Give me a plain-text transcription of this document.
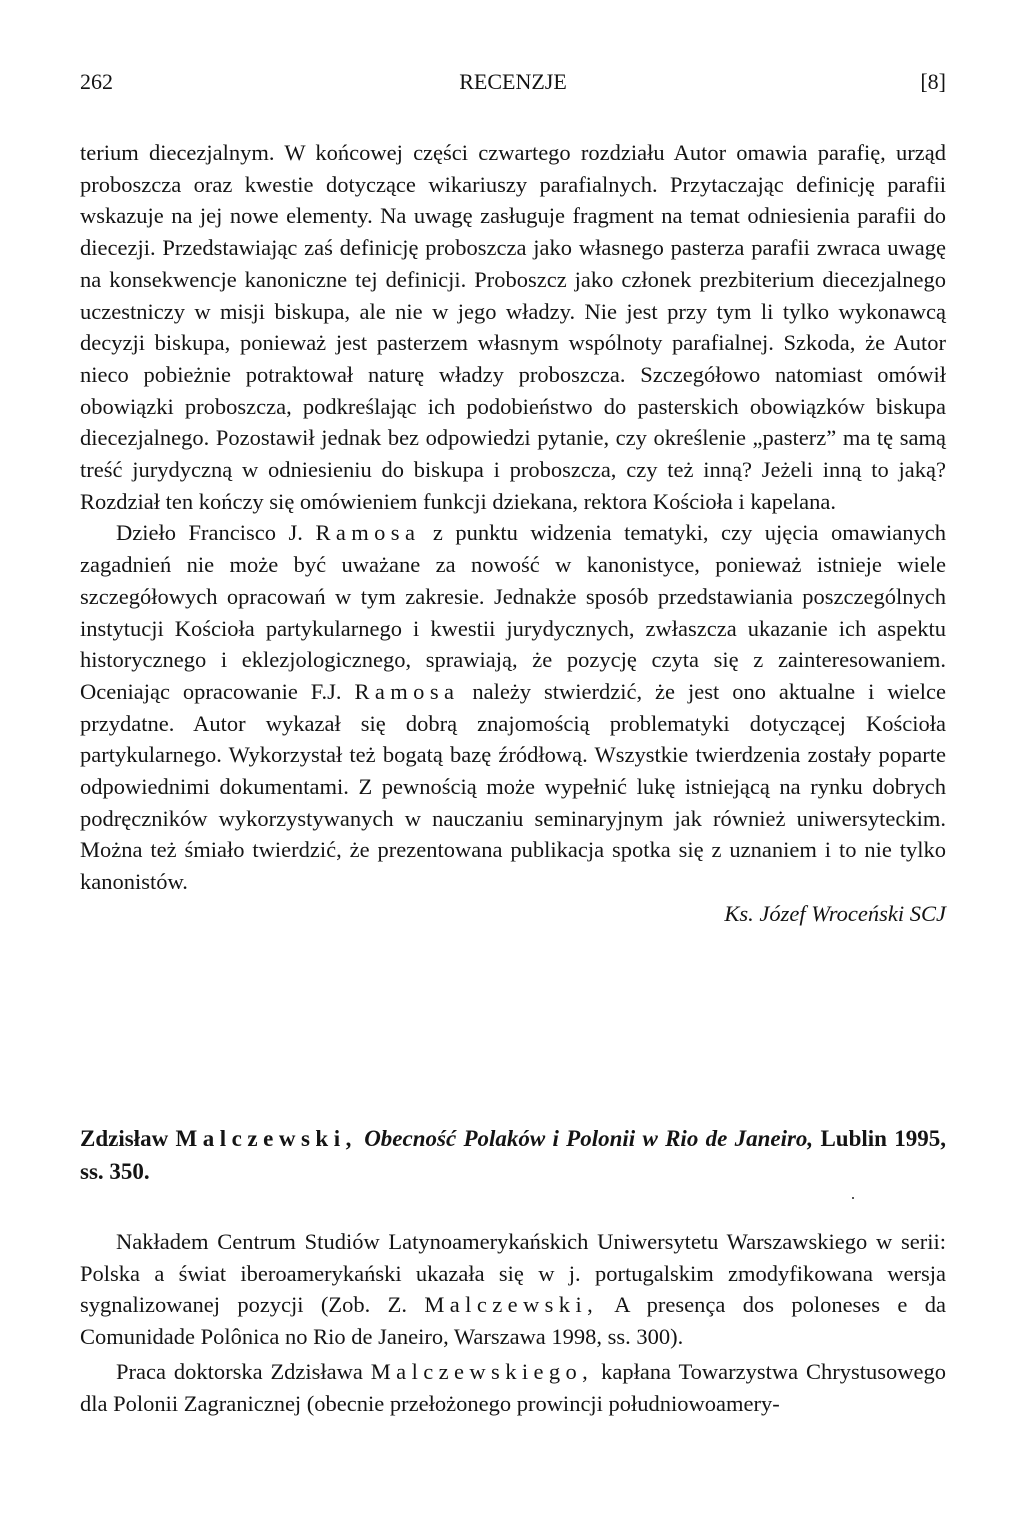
262	RECENZJE	[8]

terium diecezjalnym. W końcowej części czwartego rozdziału Autor omawia parafię, urząd proboszcza oraz kwestie dotyczące wikariuszy parafialnych. Przytaczając definicję parafii wskazuje na jej nowe elementy. Na uwagę zasługuje fragment na temat odniesienia parafii do diecezji. Przedstawiając zaś definicję proboszcza jako własnego pasterza parafii zwraca uwagę na konsekwencje kanoniczne tej definicji. Proboszcz jako członek prezbiterium diecezjalnego uczestniczy w misji biskupa, ale nie w jego władzy. Nie jest przy tym li tylko wykonawcą decyzji biskupa, ponieważ jest pasterzem własnym wspólnoty parafialnej. Szkoda, że Autor nieco pobieżnie potraktował naturę władzy proboszcza. Szczegółowo natomiast omówił obowiązki proboszcza, podkreślając ich podobieństwo do pasterskich obowiązków biskupa diecezjalnego. Pozostawił jednak bez odpowiedzi pytanie, czy określenie „pasterz” ma tę samą treść jurydyczną w odniesieniu do biskupa i proboszcza, czy też inną? Jeżeli inną to jaką? Rozdział ten kończy się omówieniem funkcji dziekana, rektora Kościoła i kapelana.

Dzieło Francisco J. Ramosa z punktu widzenia tematyki, czy ujęcia omawianych zagadnień nie może być uważane za nowość w kanonistyce, ponieważ istnieje wiele szczegółowych opracowań w tym zakresie. Jednakże sposób przedstawiania poszczególnych instytucji Kościoła partykularnego i kwestii jurydycznych, zwłaszcza ukazanie ich aspektu historycznego i eklezjologicznego, sprawiają, że pozycję czyta się z zainteresowaniem. Oceniając opracowanie F.J. Ramosa należy stwierdzić, że jest ono aktualne i wielce przydatne. Autor wykazał się dobrą znajomością problematyki dotyczącej Kościoła partykularnego. Wykorzystał też bogatą bazę źródłową. Wszystkie twierdzenia zostały poparte odpowiednimi dokumentami. Z pewnością może wypełnić lukę istniejącą na rynku dobrych podręczników wykorzystywanych w nauczaniu seminaryjnym jak również uniwersyteckim. Można też śmiało twierdzić, że prezentowana publikacja spotka się z uznaniem i to nie tylko kanonistów.

Ks. Józef Wroceński SCJ

Zdzisław Malczewski, Obecność Polaków i Polonii w Rio de Janeiro, Lublin 1995, ss. 350.

Nakładem Centrum Studiów Latynoamerykańskich Uniwersytetu Warszawskiego w serii: Polska a świat iberoamerykański ukazała się w j. portugalskim zmodyfikowana wersja sygnalizowanej pozycji (Zob. Z. Malczewski, A presença dos poloneses e da Comunidade Polônica no Rio de Janeiro, Warszawa 1998, ss. 300).

Praca doktorska Zdzisława Malczewskiego, kapłana Towarzystwa Chrystusowego dla Polonii Zagranicznej (obecnie przełożonego prowincji południowoamery-
